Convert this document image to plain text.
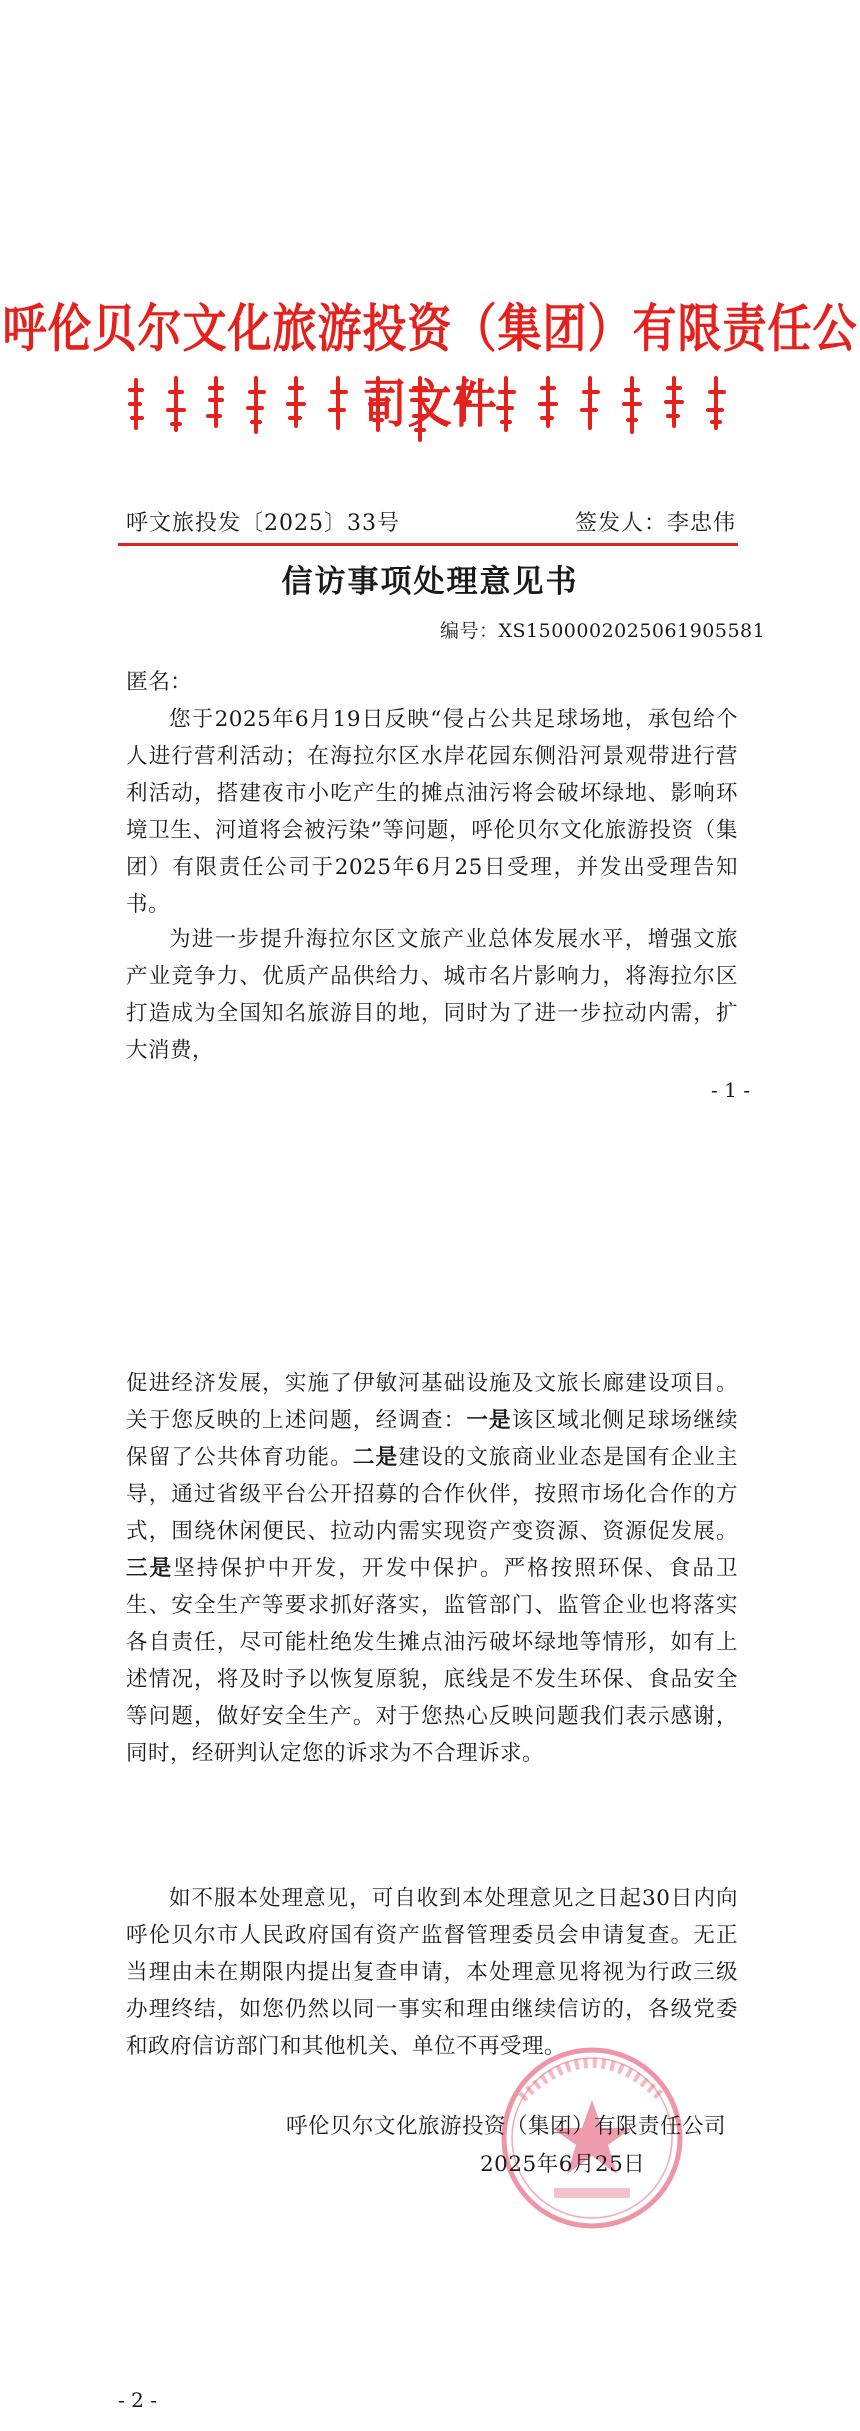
呼伦贝尔文化旅游投资（集团）有限责任公司文件
呼文旅投发〔2025〕33号	签发人：李忠伟
信访事项处理意见书
编号：XS1500002025061905581
匿名：
您于2025年6月19日反映“侵占公共足球场地，承包给个人进行营利活动；在海拉尔区水岸花园东侧沿河景观带进行营利活动，搭建夜市小吃产生的摊点油污将会破坏绿地、影响环境卫生、河道将会被污染”等问题，呼伦贝尔文化旅游投资（集团）有限责任公司于2025年6月25日受理，并发出受理告知书。
为进一步提升海拉尔区文旅产业总体发展水平，增强文旅产业竞争力、优质产品供给力、城市名片影响力，将海拉尔区打造成为全国知名旅游目的地，同时为了进一步拉动内需，扩大消费，
- 1 -
促进经济发展，实施了伊敏河基础设施及文旅长廊建设项目。关于您反映的上述问题，经调查：一是该区域北侧足球场继续保留了公共体育功能。二是建设的文旅商业业态是国有企业主导，通过省级平台公开招募的合作伙伴，按照市场化合作的方式，围绕休闲便民、拉动内需实现资产变资源、资源促发展。三是坚持保护中开发，开发中保护。严格按照环保、食品卫生、安全生产等要求抓好落实，监管部门、监管企业也将落实各自责任，尽可能杜绝发生摊点油污破坏绿地等情形，如有上述情况，将及时予以恢复原貌，底线是不发生环保、食品安全等问题，做好安全生产。对于您热心反映问题我们表示感谢，同时，经研判认定您的诉求为不合理诉求。
如不服本处理意见，可自收到本处理意见之日起30日内向呼伦贝尔市人民政府国有资产监督管理委员会申请复查。无正当理由未在期限内提出复查申请，本处理意见将视为行政三级办理终结，如您仍然以同一事实和理由继续信访的，各级党委和政府信访部门和其他机关、单位不再受理。
呼伦贝尔文化旅游投资（集团）有限责任公司
2025年6月25日
- 2 -
